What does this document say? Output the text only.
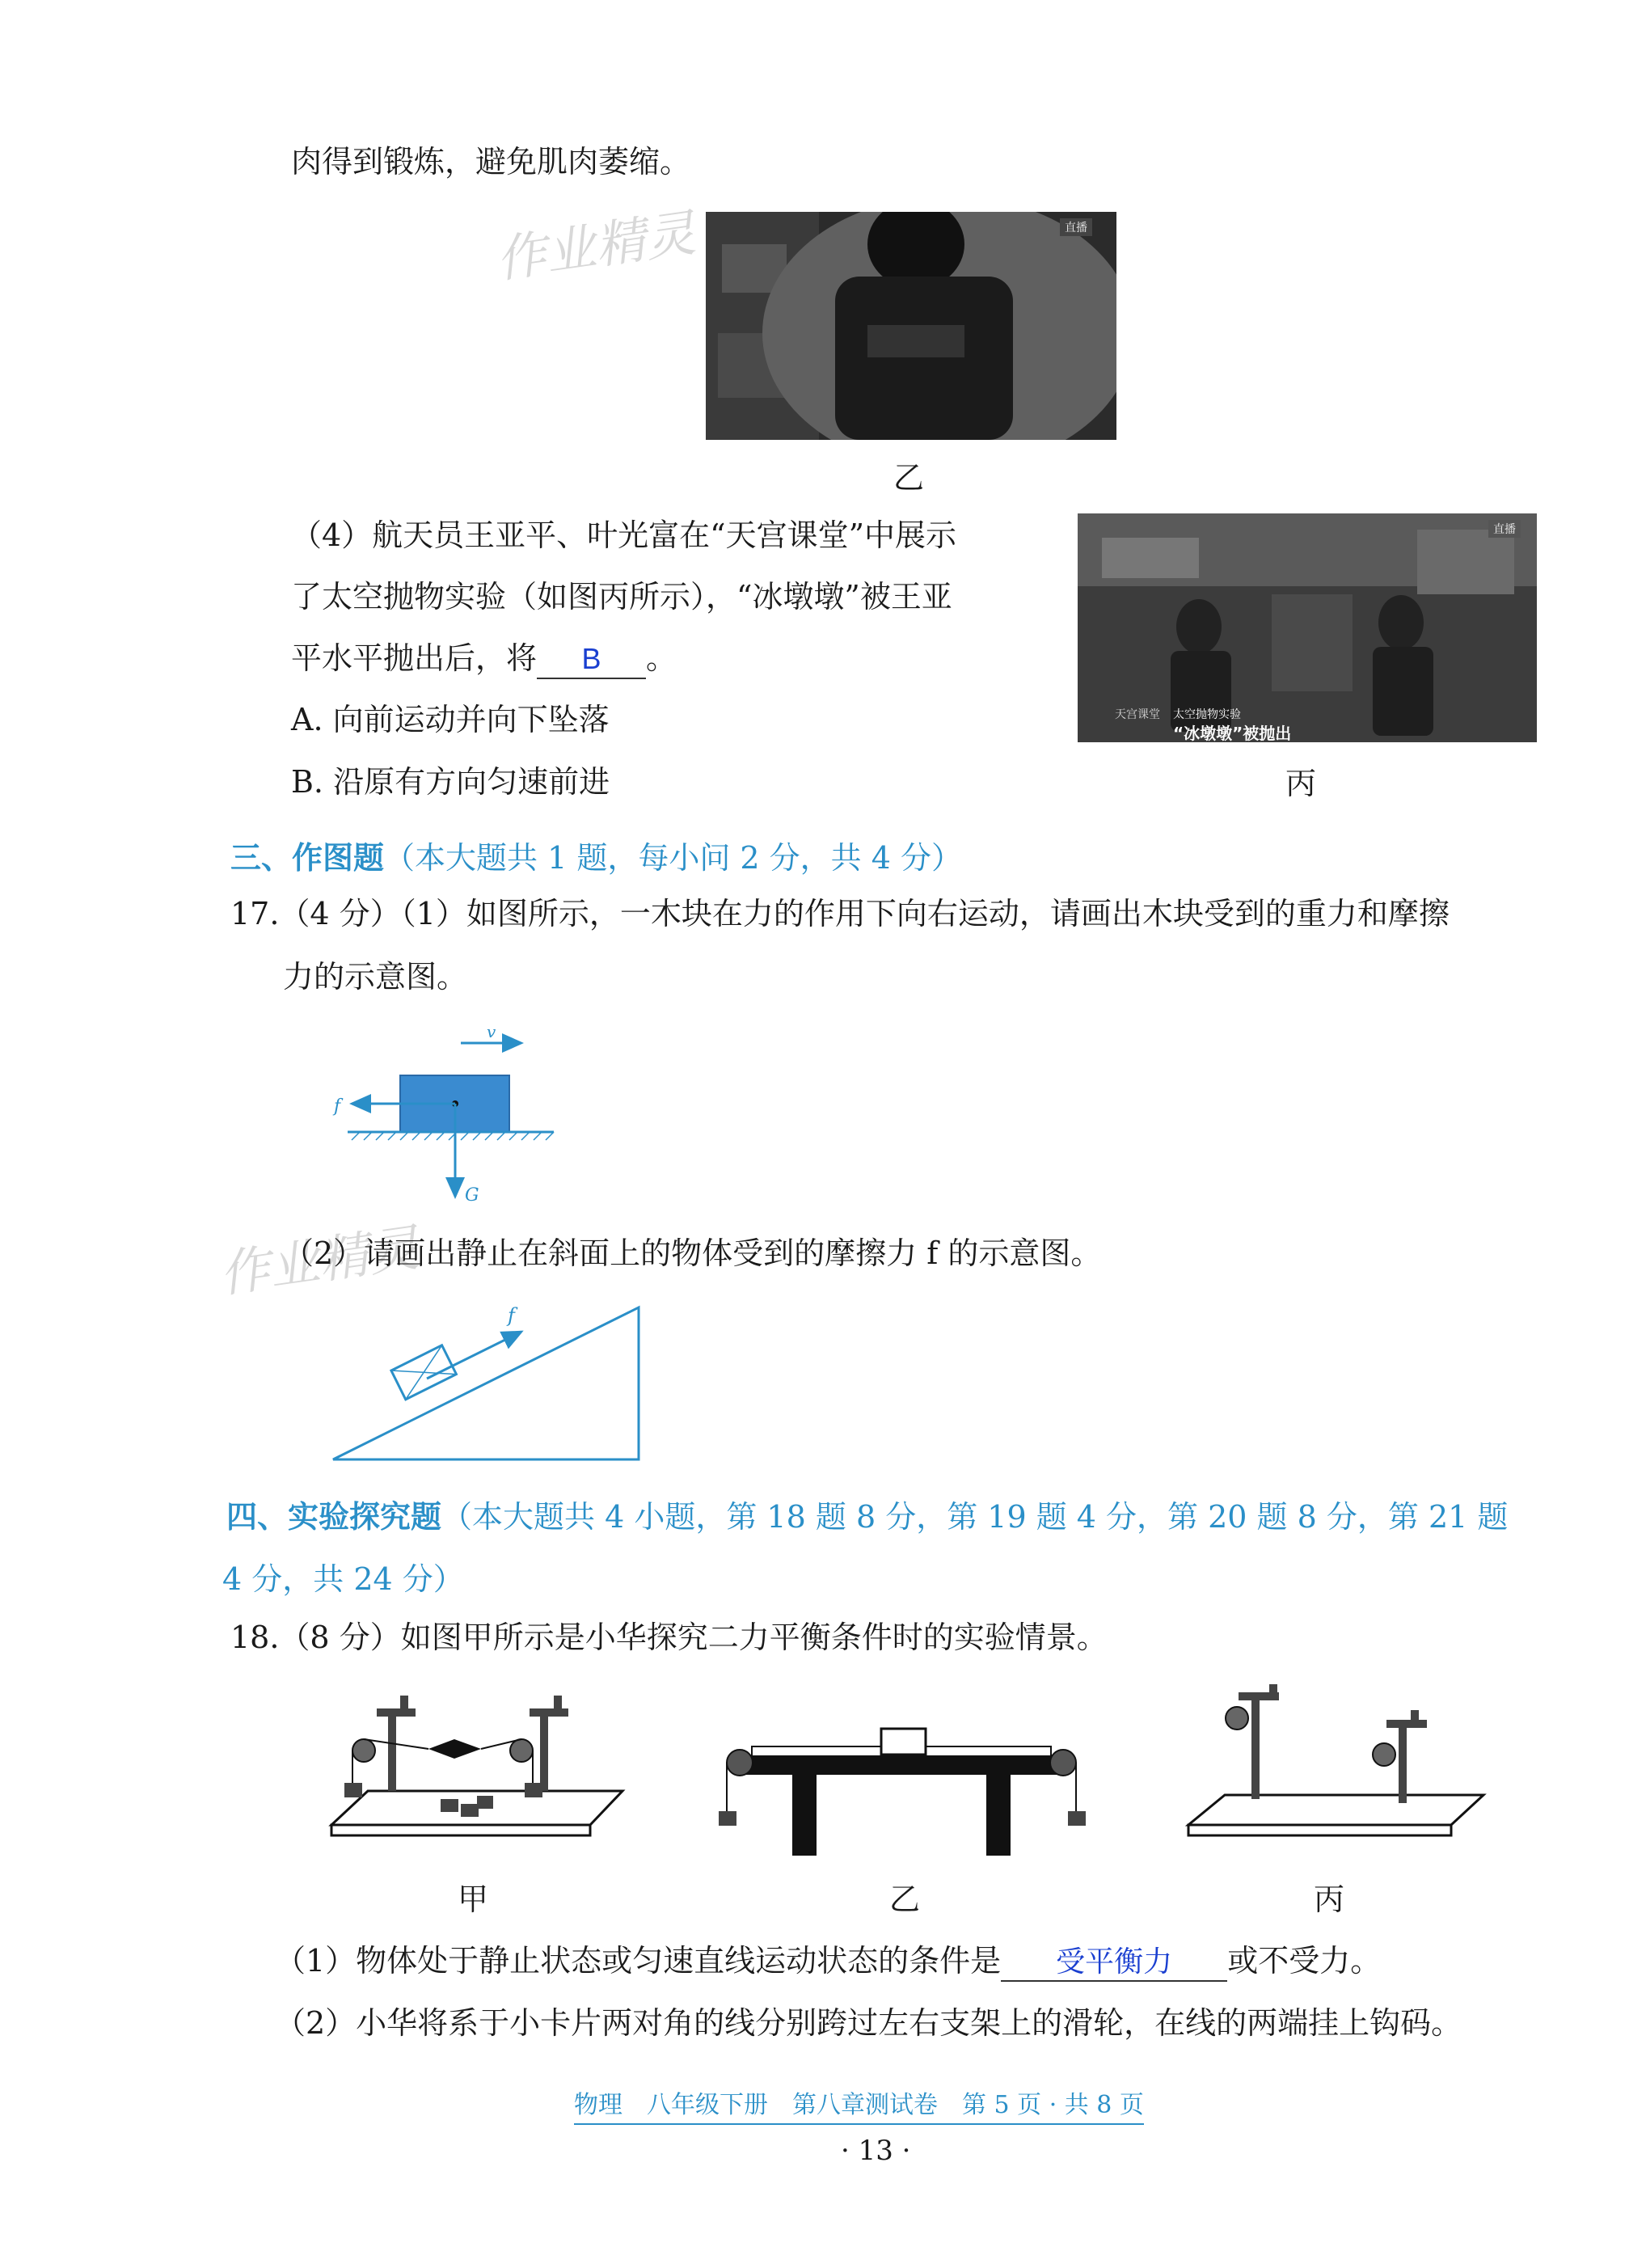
肉得到锻炼，避免肌肉萎缩。
作业精灵	直播
乙
（4）航天员王亚平、叶光富在“天宫课堂”中展示
了太空抛物实验（如图丙所示），“冰墩墩”被王亚
平水平抛出后，将 B 。
A. 向前运动并向下坠落
B. 沿原有方向匀速前进
直播
天宫课堂 太空抛物实验
“冰墩墩”被抛出
丙
三、作图题（本大题共 1 题，每小问 2 分，共 4 分）
17.（4 分）（1）如图所示，一木块在力的作用下向右运动，请画出木块受到的重力和摩擦
力的示意图。
v
f
G
作业精灵
（2）请画出静止在斜面上的物体受到的摩擦力 f 的示意图。
f
四、实验探究题（本大题共 4 小题，第 18 题 8 分，第 19 题 4 分，第 20 题 8 分，第 21 题
4 分，共 24 分）
18.（8 分）如图甲所示是小华探究二力平衡条件时的实验情景。
甲	乙	丙
（1）物体处于静止状态或匀速直线运动状态的条件是 受平衡力 或不受力。
（2）小华将系于小卡片两对角的线分别跨过左右支架上的滑轮，在线的两端挂上钩码。
物理　八年级下册　第八章测试卷　第 5 页 · 共 8 页
· 13 ·
